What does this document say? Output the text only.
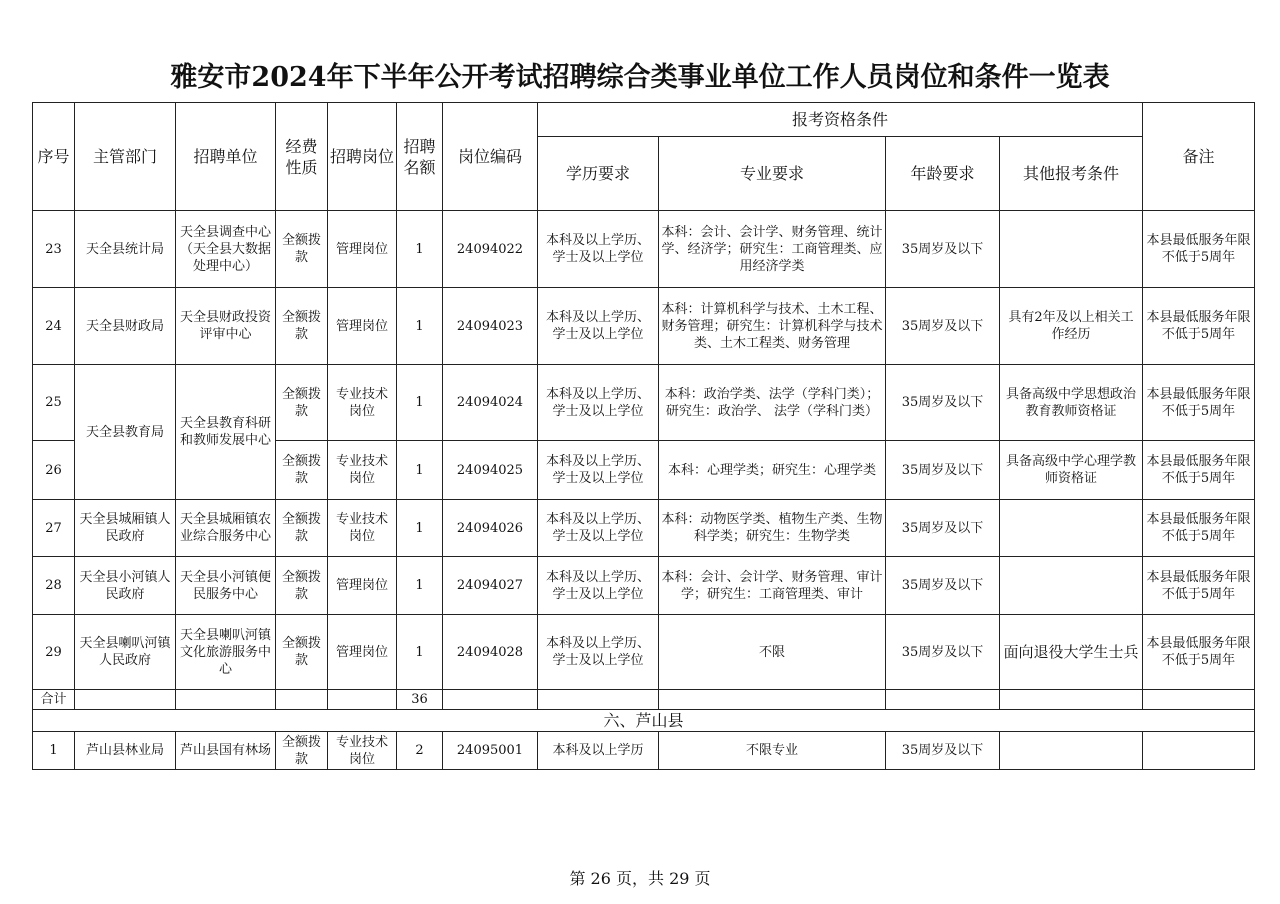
雅安市2024年下半年公开考试招聘综合类事业单位工作人员岗位和条件一览表
序号	主管部门	招聘单位	经费性质	招聘岗位	招聘名额	岗位编码	报考资格条件				备注
							学历要求	专业要求	年龄要求	其他报考条件	
23	天全县统计局	天全县调查中心（天全县大数据处理中心）	全额拨款	管理岗位	1	24094022	本科及以上学历、学士及以上学位	本科：会计、会计学、财务管理、统计学、经济学；研究生：工商管理类、应用经济学类	35周岁及以下		本县最低服务年限不低于5周年
24	天全县财政局	天全县财政投资评审中心	全额拨款	管理岗位	1	24094023	本科及以上学历、学士及以上学位	本科：计算机科学与技术、土木工程、财务管理；研究生：计算机科学与技术类、土木工程类、财务管理	35周岁及以下	具有2年及以上相关工作经历	本县最低服务年限不低于5周年
25	天全县教育局	天全县教育科研和教师发展中心	全额拨款	专业技术岗位	1	24094024	本科及以上学历、学士及以上学位	本科：政治学类、法学（学科门类）；研究生：政治学、 法学（学科门类）	35周岁及以下	具备高级中学思想政治教育教师资格证	本县最低服务年限不低于5周年
26			全额拨款	专业技术岗位	1	24094025	本科及以上学历、学士及以上学位	本科：心理学类；研究生：心理学类	35周岁及以下	具备高级中学心理学教师资格证	本县最低服务年限不低于5周年
27	天全县城厢镇人民政府	天全县城厢镇农业综合服务中心	全额拨款	专业技术岗位	1	24094026	本科及以上学历、学士及以上学位	本科：动物医学类、植物生产类、生物科学类；研究生：生物学类	35周岁及以下		本县最低服务年限不低于5周年
28	天全县小河镇人民政府	天全县小河镇便民服务中心	全额拨款	管理岗位	1	24094027	本科及以上学历、学士及以上学位	本科：会计、会计学、财务管理、审计学；研究生：工商管理类、审计	35周岁及以下		本县最低服务年限不低于5周年
29	天全县喇叭河镇人民政府	天全县喇叭河镇文化旅游服务中心	全额拨款	管理岗位	1	24094028	本科及以上学历、学士及以上学位	不限	35周岁及以下	面向退役大学生士兵	本县最低服务年限不低于5周年
合计					36						
六、芦山县											
1	芦山县林业局	芦山县国有林场	全额拨款	专业技术岗位	2	24095001	本科及以上学历	不限专业	35周岁及以下		
第 26 页，共 29 页
